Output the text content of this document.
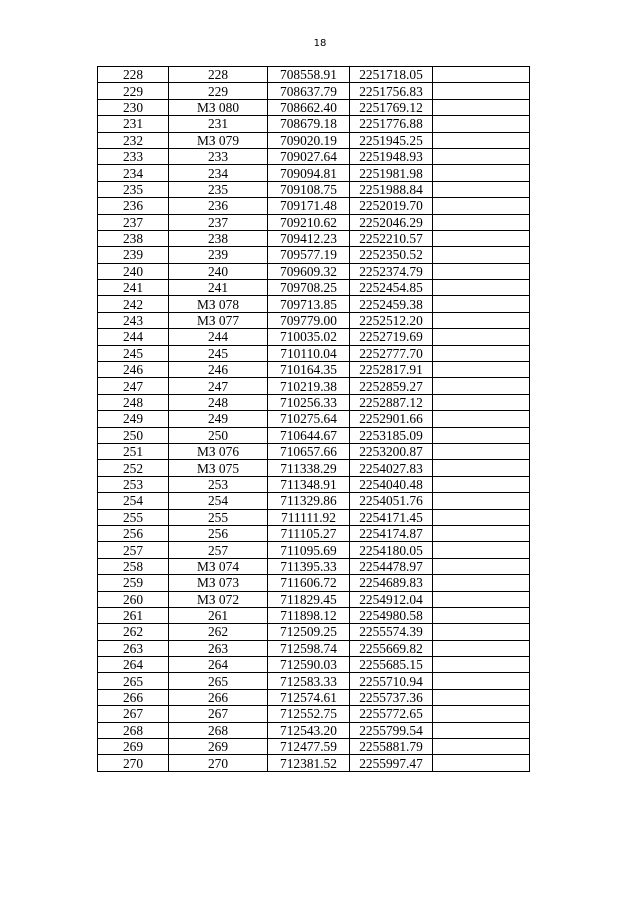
18
228	228	708558.91	2251718.05	
229	229	708637.79	2251756.83	
230	МЗ 080	708662.40	2251769.12	
231	231	708679.18	2251776.88	
232	МЗ 079	709020.19	2251945.25	
233	233	709027.64	2251948.93	
234	234	709094.81	2251981.98	
235	235	709108.75	2251988.84	
236	236	709171.48	2252019.70	
237	237	709210.62	2252046.29	
238	238	709412.23	2252210.57	
239	239	709577.19	2252350.52	
240	240	709609.32	2252374.79	
241	241	709708.25	2252454.85	
242	МЗ 078	709713.85	2252459.38	
243	МЗ 077	709779.00	2252512.20	
244	244	710035.02	2252719.69	
245	245	710110.04	2252777.70	
246	246	710164.35	2252817.91	
247	247	710219.38	2252859.27	
248	248	710256.33	2252887.12	
249	249	710275.64	2252901.66	
250	250	710644.67	2253185.09	
251	МЗ 076	710657.66	2253200.87	
252	МЗ 075	711338.29	2254027.83	
253	253	711348.91	2254040.48	
254	254	711329.86	2254051.76	
255	255	711111.92	2254171.45	
256	256	711105.27	2254174.87	
257	257	711095.69	2254180.05	
258	МЗ 074	711395.33	2254478.97	
259	МЗ 073	711606.72	2254689.83	
260	МЗ 072	711829.45	2254912.04	
261	261	711898.12	2254980.58	
262	262	712509.25	2255574.39	
263	263	712598.74	2255669.82	
264	264	712590.03	2255685.15	
265	265	712583.33	2255710.94	
266	266	712574.61	2255737.36	
267	267	712552.75	2255772.65	
268	268	712543.20	2255799.54	
269	269	712477.59	2255881.79	
270	270	712381.52	2255997.47	
